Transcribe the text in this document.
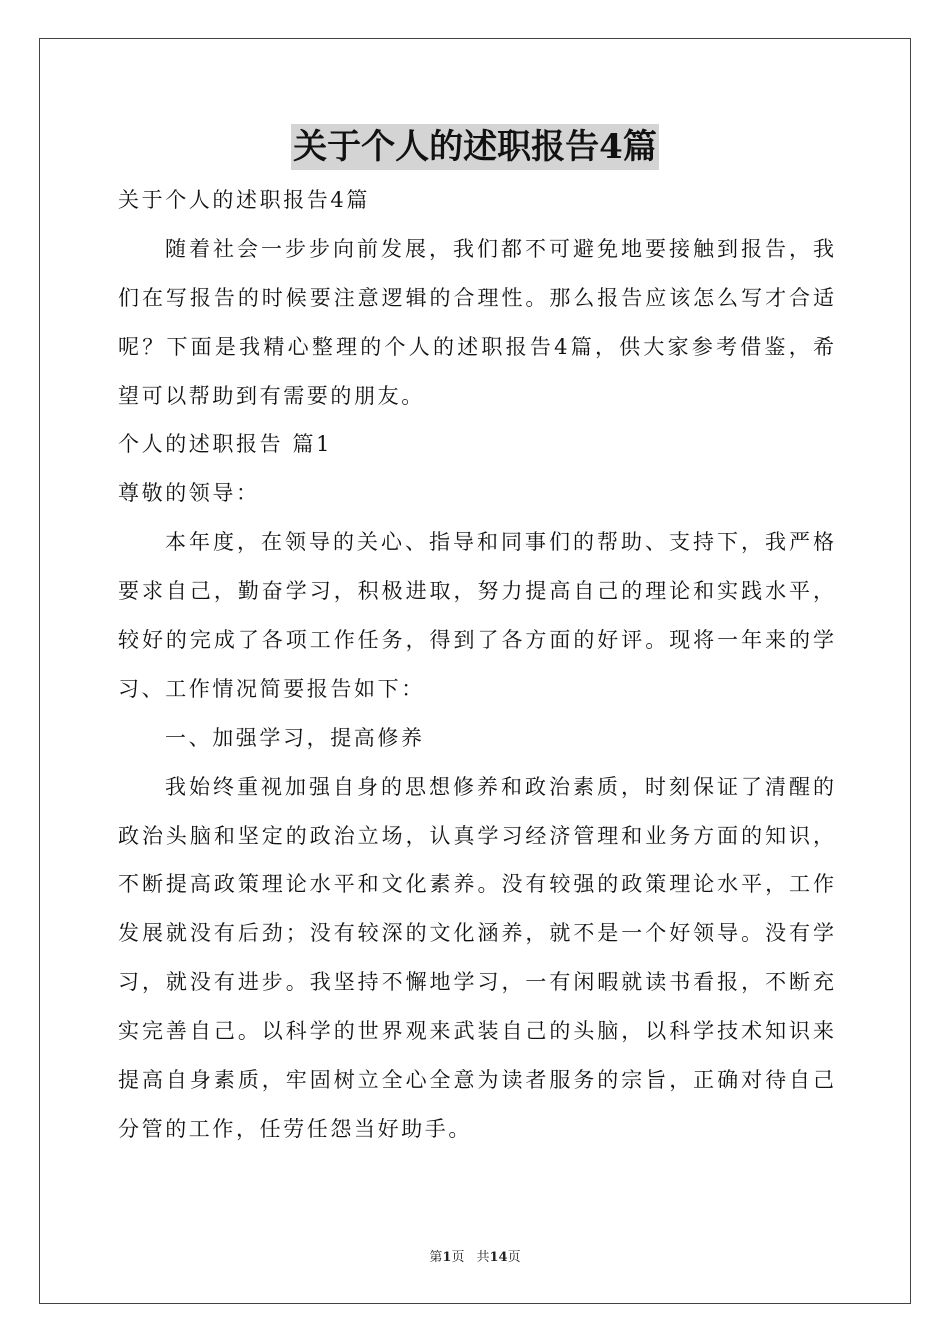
关于个人的述职报告4篇
关于个人的述职报告4篇
随着社会一步步向前发展，我们都不可避免地要接触到报告，我
们在写报告的时候要注意逻辑的合理性。那么报告应该怎么写才合适
呢？下面是我精心整理的个人的述职报告4篇，供大家参考借鉴，希
望可以帮助到有需要的朋友。
个人的述职报告 篇1
尊敬的领导：
本年度，在领导的关心、指导和同事们的帮助、支持下，我严格
要求自己，勤奋学习，积极进取，努力提高自己的理论和实践水平，
较好的完成了各项工作任务，得到了各方面的好评。现将一年来的学
习、工作情况简要报告如下：
一、加强学习，提高修养
我始终重视加强自身的思想修养和政治素质，时刻保证了清醒的
政治头脑和坚定的政治立场，认真学习经济管理和业务方面的知识，
不断提高政策理论水平和文化素养。没有较强的政策理论水平，工作
发展就没有后劲；没有较深的文化涵养，就不是一个好领导。没有学
习，就没有进步。我坚持不懈地学习，一有闲暇就读书看报，不断充
实完善自己。以科学的世界观来武装自己的头脑，以科学技术知识来
提高自身素质，牢固树立全心全意为读者服务的宗旨，正确对待自己
分管的工作，任劳任怨当好助手。
第1页 共14页
